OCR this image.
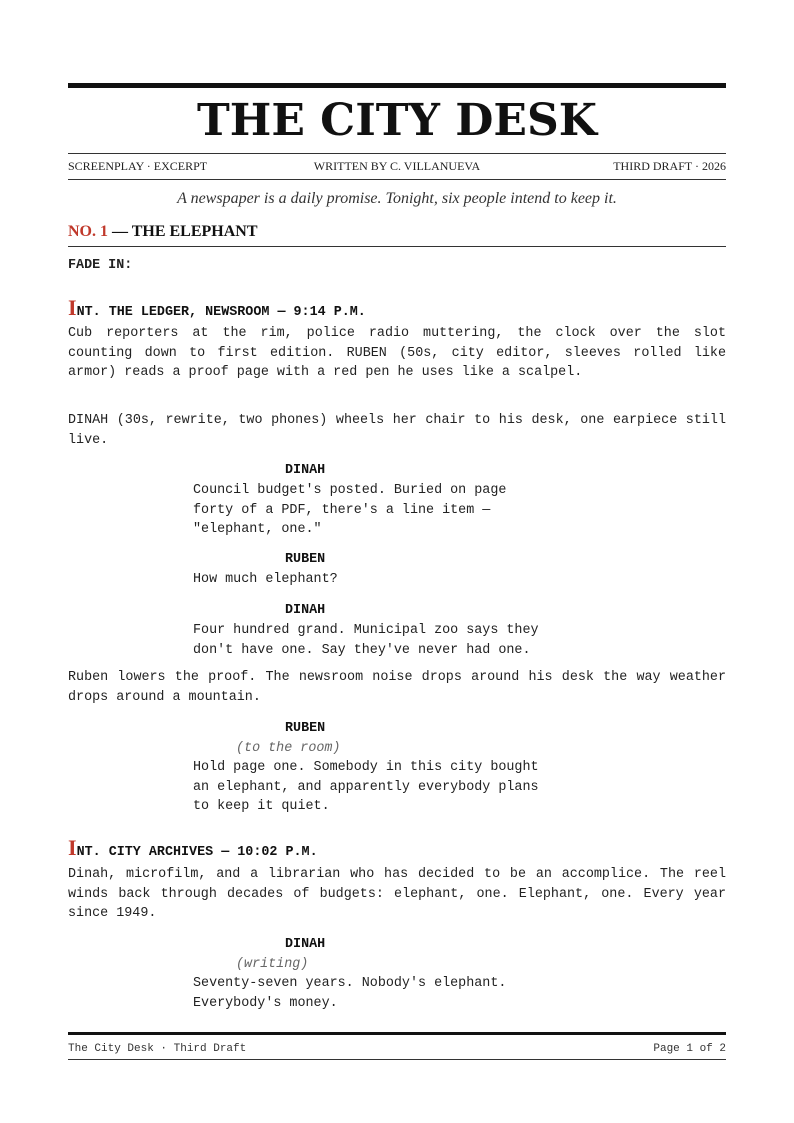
THE CITY DESK
SCREENPLAY · EXCERPT	WRITTEN BY C. VILLANUEVA	THIRD DRAFT · 2026
A newspaper is a daily promise. Tonight, six people intend to keep it.
NO. 1 — THE ELEPHANT
FADE IN:
INT. THE LEDGER, NEWSROOM — 9:14 P.M.
Cub reporters at the rim, police radio muttering, the clock over the slot counting down to first edition. RUBEN (50s, city editor, sleeves rolled like armor) reads a proof page with a red pen he uses like a scalpel.
DINAH (30s, rewrite, two phones) wheels her chair to his desk, one earpiece still live.
DINAH
Council budget's posted. Buried on page
forty of a PDF, there's a line item —
"elephant, one."
RUBEN
How much elephant?
DINAH
Four hundred grand. Municipal zoo says they
don't have one. Say they've never had one.
Ruben lowers the proof. The newsroom noise drops around his desk the way weather drops around a mountain.
RUBEN
(to the room)
Hold page one. Somebody in this city bought
an elephant, and apparently everybody plans
to keep it quiet.
INT. CITY ARCHIVES — 10:02 P.M.
Dinah, microfilm, and a librarian who has decided to be an accomplice. The reel winds back through decades of budgets: elephant, one. Elephant, one. Every year since 1949.
DINAH
(writing)
Seventy-seven years. Nobody's elephant.
Everybody's money.
The City Desk · Third Draft	Page 1 of 2
